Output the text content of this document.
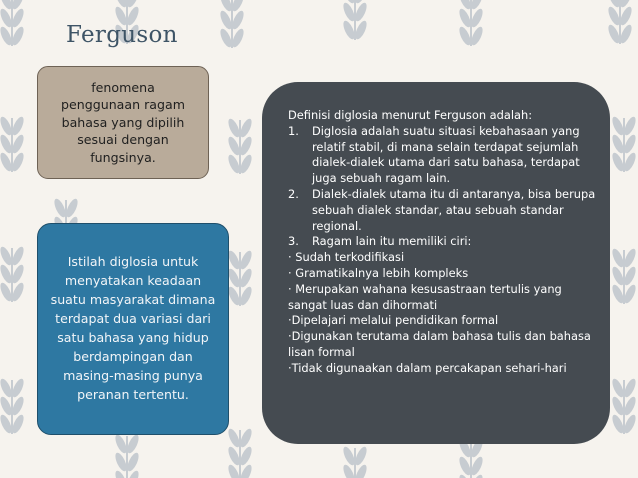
Ferguson
fenomena penggunaan ragam bahasa yang dipilih sesuai dengan fungsinya.
Istilah diglosia untuk menyatakan keadaan suatu masyarakat dimana terdapat dua variasi dari satu bahasa yang hidup berdampingan dan masing-masing punya peranan tertentu.

Definisi diglosia menurut Ferguson adalah:

1.	Diglosia adalah suatu situasi kebahasaan yang relatif stabil, di mana selain terdapat sejumlah dialek-dialek utama dari satu bahasa, terdapat juga sebuah ragam lain.
2.	Dialek-dialek utama itu di antaranya, bisa berupa sebuah dialek standar, atau sebuah standar regional.
3.	Ragam lain itu memiliki ciri:

· Sudah terkodifikasi

· Gramatikalnya lebih kompleks

· Merupakan wahana kesusastraan tertulis yang sangat luas dan dihormati

·Dipelajari melalui pendidikan formal

·Digunakan terutama dalam bahasa tulis dan bahasa lisan formal

·Tidak digunaakan dalam percakapan sehari-hari
